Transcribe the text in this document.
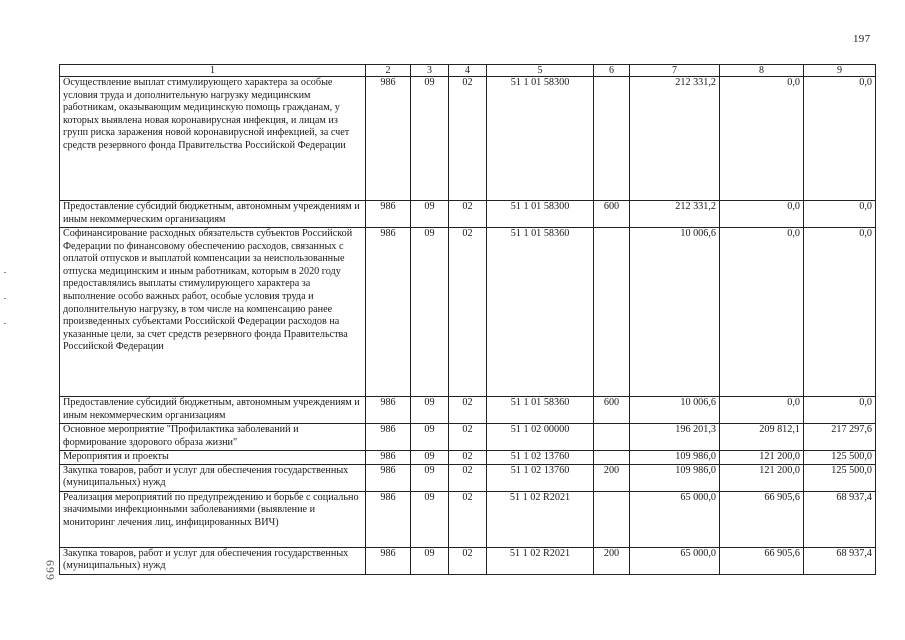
197
1	2	3	4	5	6	7	8	9
Осуществление выплат стимулирующего характера за особые условия труда и дополнительную нагрузку медицинским работникам, оказывающим медицинскую помощь гражданам, у которых выявлена новая коронавирусная инфекция, и лицам из групп риска заражения новой коронавирусной инфекцией, за счет средств резервного фонда Правительства Российской Федерации	986	09	02	51 1 01 58300		212 331,2	0,0	0,0
Предоставление субсидий бюджетным, автономным учреждениям и иным некоммерческим организациям	986	09	02	51 1 01 58300	600	212 331,2	0,0	0,0
Софинансирование расходных обязательств субъектов Российской Федерации по финансовому обеспечению расходов, связанных с оплатой отпусков и выплатой компенсации за неиспользованные отпуска медицинским и иным работникам, которым в 2020 году предоставлялись выплаты стимулирующего характера за выполнение особо важных работ, особые условия труда и дополнительную нагрузку, в том числе на компенсацию ранее произведенных субъектами Российской Федерации расходов на указанные цели, за счет средств резервного фонда Правительства Российской Федерации	986	09	02	51 1 01 58360		10 006,6	0,0	0,0
Предоставление субсидий бюджетным, автономным учреждениям и иным некоммерческим организациям	986	09	02	51 1 01 58360	600	10 006,6	0,0	0,0
Основное мероприятие "Профилактика заболеваний и формирование здорового образа жизни"	986	09	02	51 1 02 00000		196 201,3	209 812,1	217 297,6
Мероприятия и проекты	986	09	02	51 1 02 13760		109 986,0	121 200,0	125 500,0
Закупка товаров, работ и услуг для обеспечения государственных (муниципальных) нужд	986	09	02	51 1 02 13760	200	109 986,0	121 200,0	125 500,0
Реализация мероприятий по предупреждению и борьбе с социально значимыми инфекционными заболеваниями (выявление и мониторинг лечения лиц, инфицированных ВИЧ)	986	09	02	51 1 02 R2021		65 000,0	66 905,6	68 937,4
Закупка товаров, работ и услуг для обеспечения государственных (муниципальных) нужд	986	09	02	51 1 02 R2021	200	65 000,0	66 905,6	68 937,4
669
